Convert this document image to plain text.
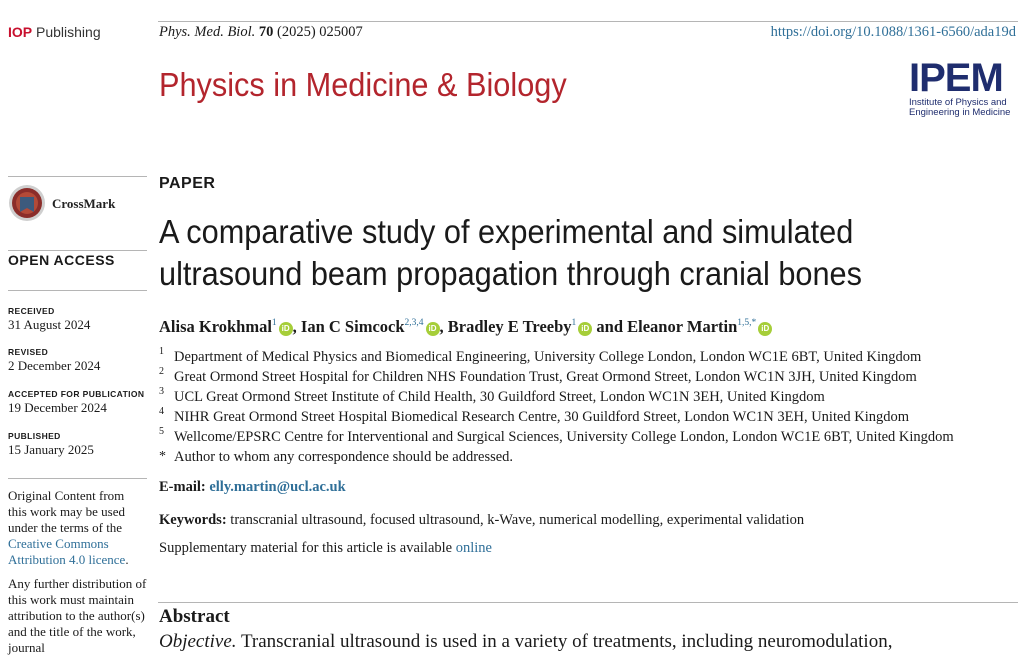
IOP Publishing	Phys. Med. Biol. 70 (2025) 025007	https://doi.org/10.1088/1361-6560/ada19d
Physics in Medicine & Biology	IPEM
Institute of Physics and
Engineering in Medicine
CrossMark
OPEN ACCESS
RECEIVED
31 August 2024
REVISED
2 December 2024
ACCEPTED FOR PUBLICATION
19 December 2024
PUBLISHED
15 January 2025
Original Content from this work may be used under the terms of the Creative Commons Attribution 4.0 licence.
Any further distribution of this work must maintain attribution to the author(s) and the title of the work, journal
PAPER
A comparative study of experimental and simulated ultrasound beam propagation through cranial bones
Alisa Krokhmal$^1$iD , Ian C Simcock$^{2,3,4}$iD , Bradley E Treeby$^1$iD and Eleanor Martin$^{1,5,*}$iD
1 Department of Medical Physics and Biomedical Engineering, University College London, London WC1E 6BT, United Kingdom
2 Great Ormond Street Hospital for Children NHS Foundation Trust, Great Ormond Street, London WC1N 3JH, United Kingdom
3 UCL Great Ormond Street Institute of Child Health, 30 Guildford Street, London WC1N 3EH, United Kingdom
4 NIHR Great Ormond Street Hospital Biomedical Research Centre, 30 Guildford Street, London WC1N 3EH, United Kingdom
5 Wellcome/EPSRC Centre for Interventional and Surgical Sciences, University College London, London WC1E 6BT, United Kingdom
* Author to whom any correspondence should be addressed.
E-mail: elly.martin@ucl.ac.uk
Keywords: transcranial ultrasound, focused ultrasound, k-Wave, numerical modelling, experimental validation
Supplementary material for this article is available online
Abstract
Objective. Transcranial ultrasound is used in a variety of treatments, including neuromodulation,
